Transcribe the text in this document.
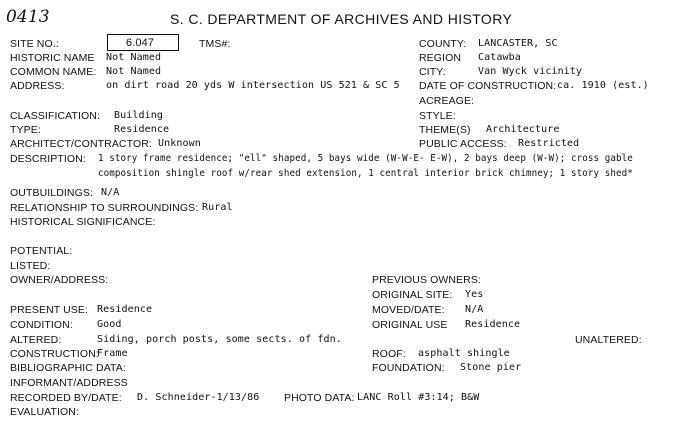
0413	S. C. DEPARTMENT OF ARCHIVES AND HISTORY
SITE NO.:	6.047	TMS#:	COUNTY: LANCASTER, SC
HISTORIC NAME Not Named	REGION Catawba
COMMON NAME: Not Named	CITY:	Van Wyck vicinity
ADDRESS:	on dirt road 20 yds W intersection US 521 & SC 5 DATE OF CONSTRUCTION: ca. 1910 (est.)
ACREAGE:
CLASSIFICATION: Building	STYLE:
TYPE:	Residence	THEME(S) Architecture
ARCHITECT/CONTRACTOR: Unknown	PUBLIC ACCESS: Restricted
DESCRIPTION: 1 story frame residence; "ell" shaped, 5 bays wide (W-W-E- E-W), 2 bays deep (W-W); cross gable
composition shingle roof w/rear shed extension, 1 central interior brick chimney; 1 story shed*
OUTBUILDINGS: N/A
RELATIONSHIP TO SURROUNDINGS: Rural
HISTORICAL SIGNIFICANCE:
POTENTIAL:
LISTED:
OWNER/ADDRESS:	PREVIOUS OWNERS:
ORIGINAL SITE: Yes
PRESENT USE: Residence	MOVED/DATE: N/A
CONDITION: Good	ORIGINAL USE Residence
ALTERED:	Siding, porch posts, some sects. of fdn.	UNALTERED:
CONSTRUCTION:
Frame	ROOF: asphalt shingle
BIBLIOGRAPHIC DATA:	FOUNDATION: Stone pier
INFORMANT/ADDRESS
RECORDED BY/DATE: D. Schneider-1/13/86 PHOTO DATA: LANC Roll #3:14; B&W
EVALUATION:
